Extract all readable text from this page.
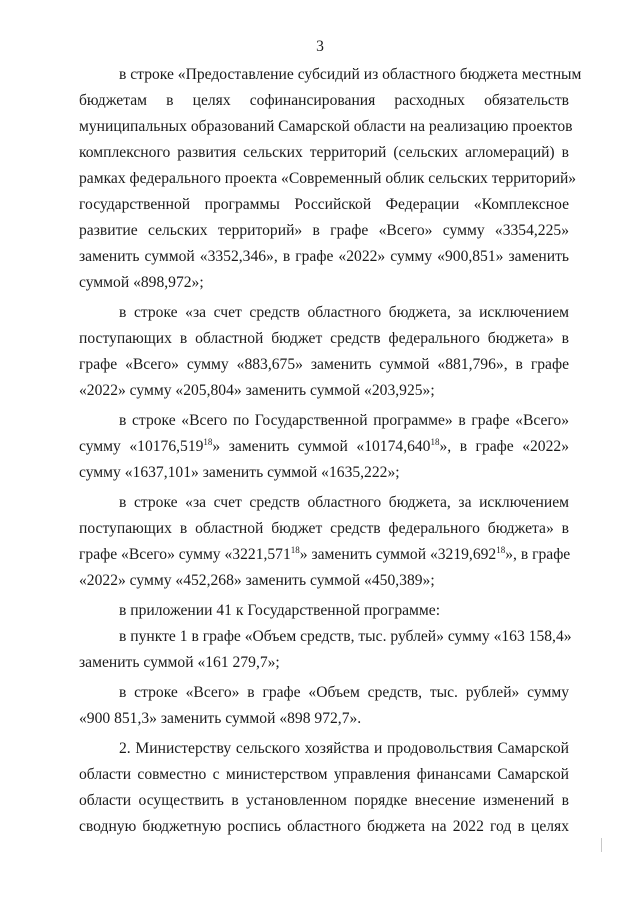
3
в строке «Предоставление субсидий из областного бюджета местным
бюджетам в целях софинансирования расходных обязательств
муниципальных образований Самарской области на реализацию проектов
комплексного развития сельских территорий (сельских агломераций) в
рамках федерального проекта «Современный облик сельских территорий»
государственной программы Российской Федерации «Комплексное
развитие сельских территорий» в графе «Всего» сумму «3354,225»
заменить суммой «3352,346», в графе «2022» сумму «900,851» заменить
суммой «898,972»;
в строке «за счет средств областного бюджета, за исключением
поступающих в областной бюджет средств федерального бюджета» в
графе «Всего» сумму «883,675» заменить суммой «881,796», в графе
«2022» сумму «205,804» заменить суммой «203,925»;
в строке «Всего по Государственной программе» в графе «Всего»
сумму «10176,519$^{18}$» заменить суммой «10174,640$^{18}$», в графе «2022»
сумму «1637,101» заменить суммой «1635,222»;
в строке «за счет средств областного бюджета, за исключением
поступающих в областной бюджет средств федерального бюджета» в
графе «Всего» сумму «3221,571$^{18}$» заменить суммой «3219,692$^{18}$», в графе
«2022» сумму «452,268» заменить суммой «450,389»;
в приложении 41 к Государственной программе:
в пункте 1 в графе «Объем средств, тыс. рублей» сумму «163 158,4»
заменить суммой «161 279,7»;
в строке «Всего» в графе «Объем средств, тыс. рублей» сумму
«900 851,3» заменить суммой «898 972,7».
2. Министерству сельского хозяйства и продовольствия Самарской
области совместно с министерством управления финансами Самарской
области осуществить в установленном порядке внесение изменений в
сводную бюджетную роспись областного бюджета на 2022 год в целях
